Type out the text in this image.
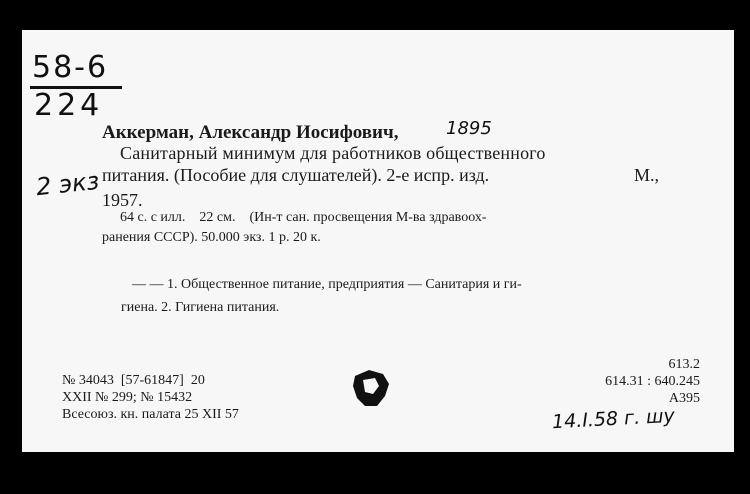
58-6
224
2 экз
Аккерман, Александр Иосифович,	1895
Санитарный минимум для работников общественного
питания. (Пособие для слушателей). 2-е испр. изд.	М.,
1957.
64 с. с илл.    22 см.    (Ин-т сан. просвещения М-ва здравоох-
ранения СССР). 50.000 экз. 1 р. 20 к.
— — 1. Общественное питание, предприятия — Санитария и ги-
гиена. 2. Гигиена питания.
№ 34043  [57-61847]  20
XXII № 299; № 15432
Всесоюз. кн. палата 25 XII 57
613.2
614.31 : 640.245
А395
14.I.58 г. шу
